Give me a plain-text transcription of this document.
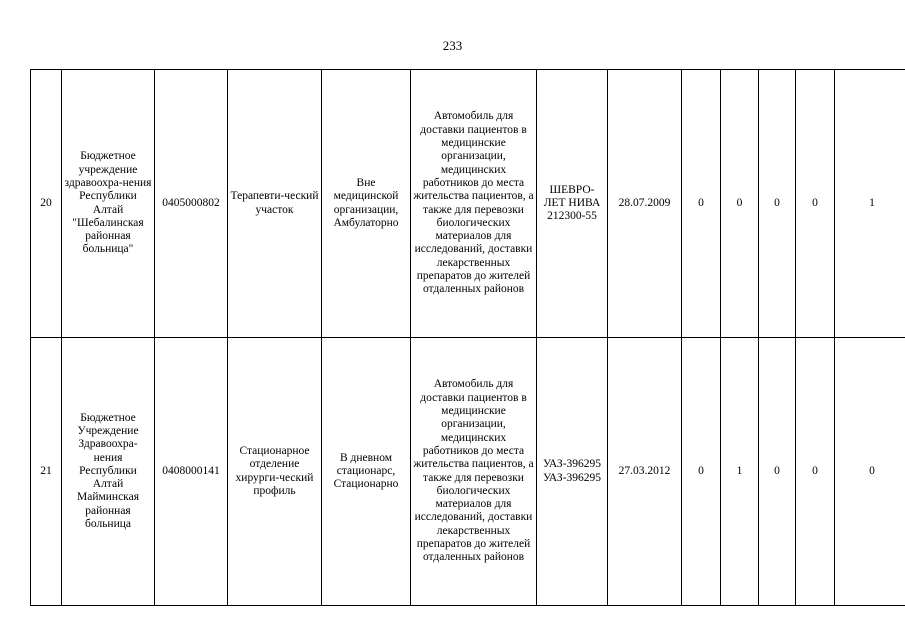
233
20	Бюджетное учреждение здравоохра-нения Республики Алтай "Шебалинская районная больница"	0405000802	Терапевти-ческий участок	Вне медицинской организации, Амбулаторно	Автомобиль для доставки пациентов в медицинские организации, медицинских работников до места жительства пациентов, а также для перевозки биологических материалов для исследований, доставки лекарственных препаратов до жителей отдаленных районов	ШЕВРО-ЛЕТ НИВА 212300-55	28.07.2009	0	0	0	0	1
21	Бюджетное Учреждение Здравоохра-нения Республики Алтай Майминская районная больница	0408000141	Стационарное отделение хирурги-ческий профиль	В дневном стационарс, Стационарно	Автомобиль для доставки пациентов в медицинские организации, медицинских работников до места жительства пациентов, а также для перевозки биологических материалов для исследований, доставки лекарственных препаратов до жителей отдаленных районов	УАЗ-396295 УАЗ-396295	27.03.2012	0	1	0	0	0
